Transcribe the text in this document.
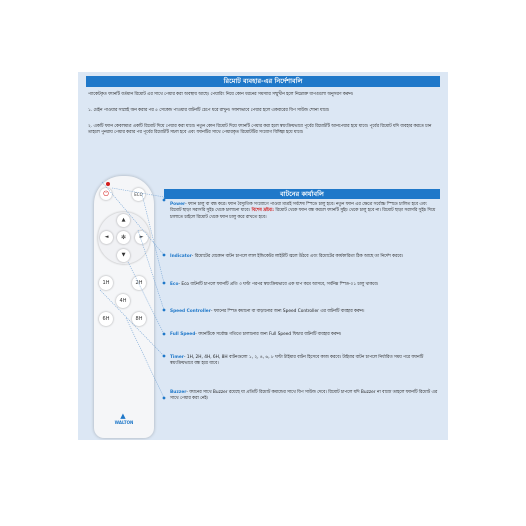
রিমোট ব্যবহার-এর নির্দেশাবলি

প্যাকেটকৃত ফ্যানটি বর্তমান রিমোট এর সাথে পেয়ার করা অবস্থায় আছে। পেয়ারিং নিয়ে কোন ধরনের সমস্যার সম্মুখীন হলে নিম্নোক্ত ধাপগুলো অনুসরণ করুন।

১. মেইন পাওয়ার সাপ্লাই অন করার পর ৫ সেকেন্ড পাওয়ার বাটনটি চেপে ধরে রাখুন। সফলভাবে পেয়ার হলে একবারের বিপ সাউন্ড শোনা যাবে।

২. একটি ফ্যান কেবলমাত্র একটি রিমোট দিয়ে পেয়ার করা যাবে। নতুন কোন রিমোট দিয়ে ফ্যানটি পেয়ার করা হলে স্বয়ংক্রিয়ভাবে পূর্বের রিমোটটি আনপেয়ার হয়ে যাবে। পূর্বের রিমোট যদি ব্যবহার করতে চান তাহলে পুনরায় পেয়ার করার পর পূর্বের রিমোটটি সচল হবে এবং ফ্যানটির সাথে পেয়ারকৃত রিমোটটির সংযোগ বিচ্ছিন্ন হয়ে যাবে।

বাটনের কার্যাবলি
⏻	ECO
▲
◄	►
✻
▼
1H	2H
4H
6H	8H
▲
WALTON

Power- ফ্যান চালু বা বন্ধ করে। ফ্যান বৈদ্যুতিক সংযোগে পাওয়া মাত্রই সর্বশেষ স্পিডে চালু হবে। নতুন ফ্যান এর ক্ষেত্রে সর্বোচ্চ স্পিডে চালিত হবে এবং রিমোট ছাড়া সরাসরি সুইচ থেকে চালানো যাবে। বিশেষ দ্রষ্টব্য: রিমোট থেকে ফ্যান বন্ধ করলে ফ্যানটি সুইচ থেকে চালু হবে না। রিমোট ছাড়া সরাসরি সুইচ দিয়ে চালাতে চাইলে রিমোট থেকে ফ্যান চালু করে রাখতে হবে।

Indicator- রিমোটের যেকোন বাটন চাপলে লাল ইন্ডিকেটর লাইটটি জ্বলে উঠবে এবং রিমোটের কার্যকারিতা ঠিক আছে তা নির্দেশ করবে।

Eco- Eco বাটনটি চাপলে ফ্যানটি প্রতি ৩ ঘণ্টা পরপর স্বয়ংক্রিয়ভাবে এক ধাপ কমে আসবে, সর্বনিম্ন স্পিড-০১ চালু থাকবে।

Speed Controller- ফ্যানের স্পিড কমানো বা বাড়ানোর জন্য Speed Controller এর বাটনটি ব্যবহার করুন।

Full Speed- ফ্যানটিকে সর্বোচ্চ গতিতে চালানোর জন্য Full Speed ফিচার বাটনটি ব্যবহার করুন।

Timer- 1H, 2H, 4H, 6H, 8H বাটনগুলো ১, ২, ৪, ৬, ৮ ঘণ্টা টাইমার বাটন হিসেবে কাজ করবে। টাইমার বাটন চাপলে নির্ধারিত সময় পরে ফ্যানটি স্বয়ংক্রিয়ভাবে বন্ধ হয়ে যাবে।

Buzzer- ফ্যানের সাথে Buzzer রয়েছে যা প্রতিটি রিমোট কমান্ডের সাথে বিপ সাউন্ড দেবে। রিমোট চাপলে যদি Buzzer না বাজে তাহলে ফ্যানটি রিমোট এর সাথে পেয়ার করা নেই।
